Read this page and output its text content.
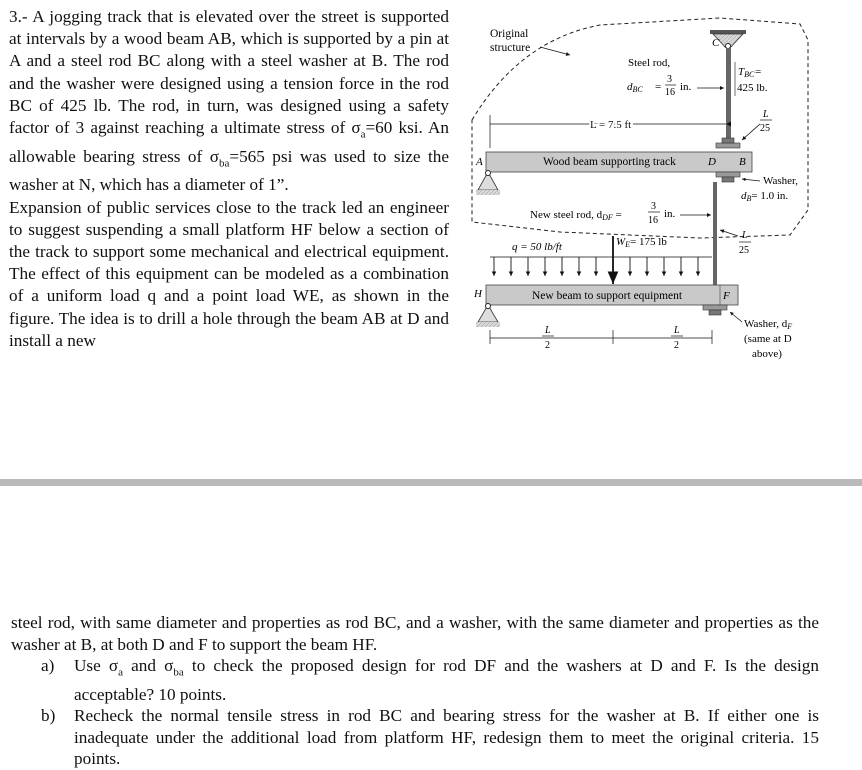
3.- A jogging track that is elevated over the street is supported at intervals by a wood beam AB, which is supported by a pin at A and a steel rod BC along with a steel washer at B. The rod and the washer were designed using a tension force in the rod BC of 425 lb. The rod, in turn, was designed using a safety factor of 3 against reaching a ultimate stress of $\sigma_a=60$ ksi. An allowable bearing stress of $\sigma_{ba}=565$ psi was used to size the washer at N, which has a diameter of 1”.

Expansion of public services close to the track led an engineer to suggest suspending a small platform HF below a section of the track to support some mechanical and electrical equipment. The effect of this equipment can be modeled as a combination of a uniform load q and a point load WE, as shown in the figure. The idea is to drill a hole through the beam AB at D and install a new

Original
structure	C
Steel rod,
dBC =
3
16 in.
TBC=
425 lb.
L
25
L = 7.5 ft
Wood beam supporting track
A	D B
Washer,
dB= 1.0 in.
New steel rod, dDF =
3
16
in.
L
25
q = 50 lb/ft	WE= 175 lb
New beam to support equipment
H	F
L
2
L
2
Washer, dF
(same at D
above)

steel rod, with same diameter and properties as rod BC, and a washer, with the same diameter and properties as the washer at B, at both D and F to support the beam HF.

a)	Use $\sigma_a$ and $\sigma_{ba}$ to check the proposed design for rod DF and the washers at D and F. Is the design acceptable? 10 points.
b)	Recheck the normal tensile stress in rod BC and bearing stress for the washer at B. If either one is inadequate under the additional load from platform HF, redesign them to meet the original criteria. 15 points.
